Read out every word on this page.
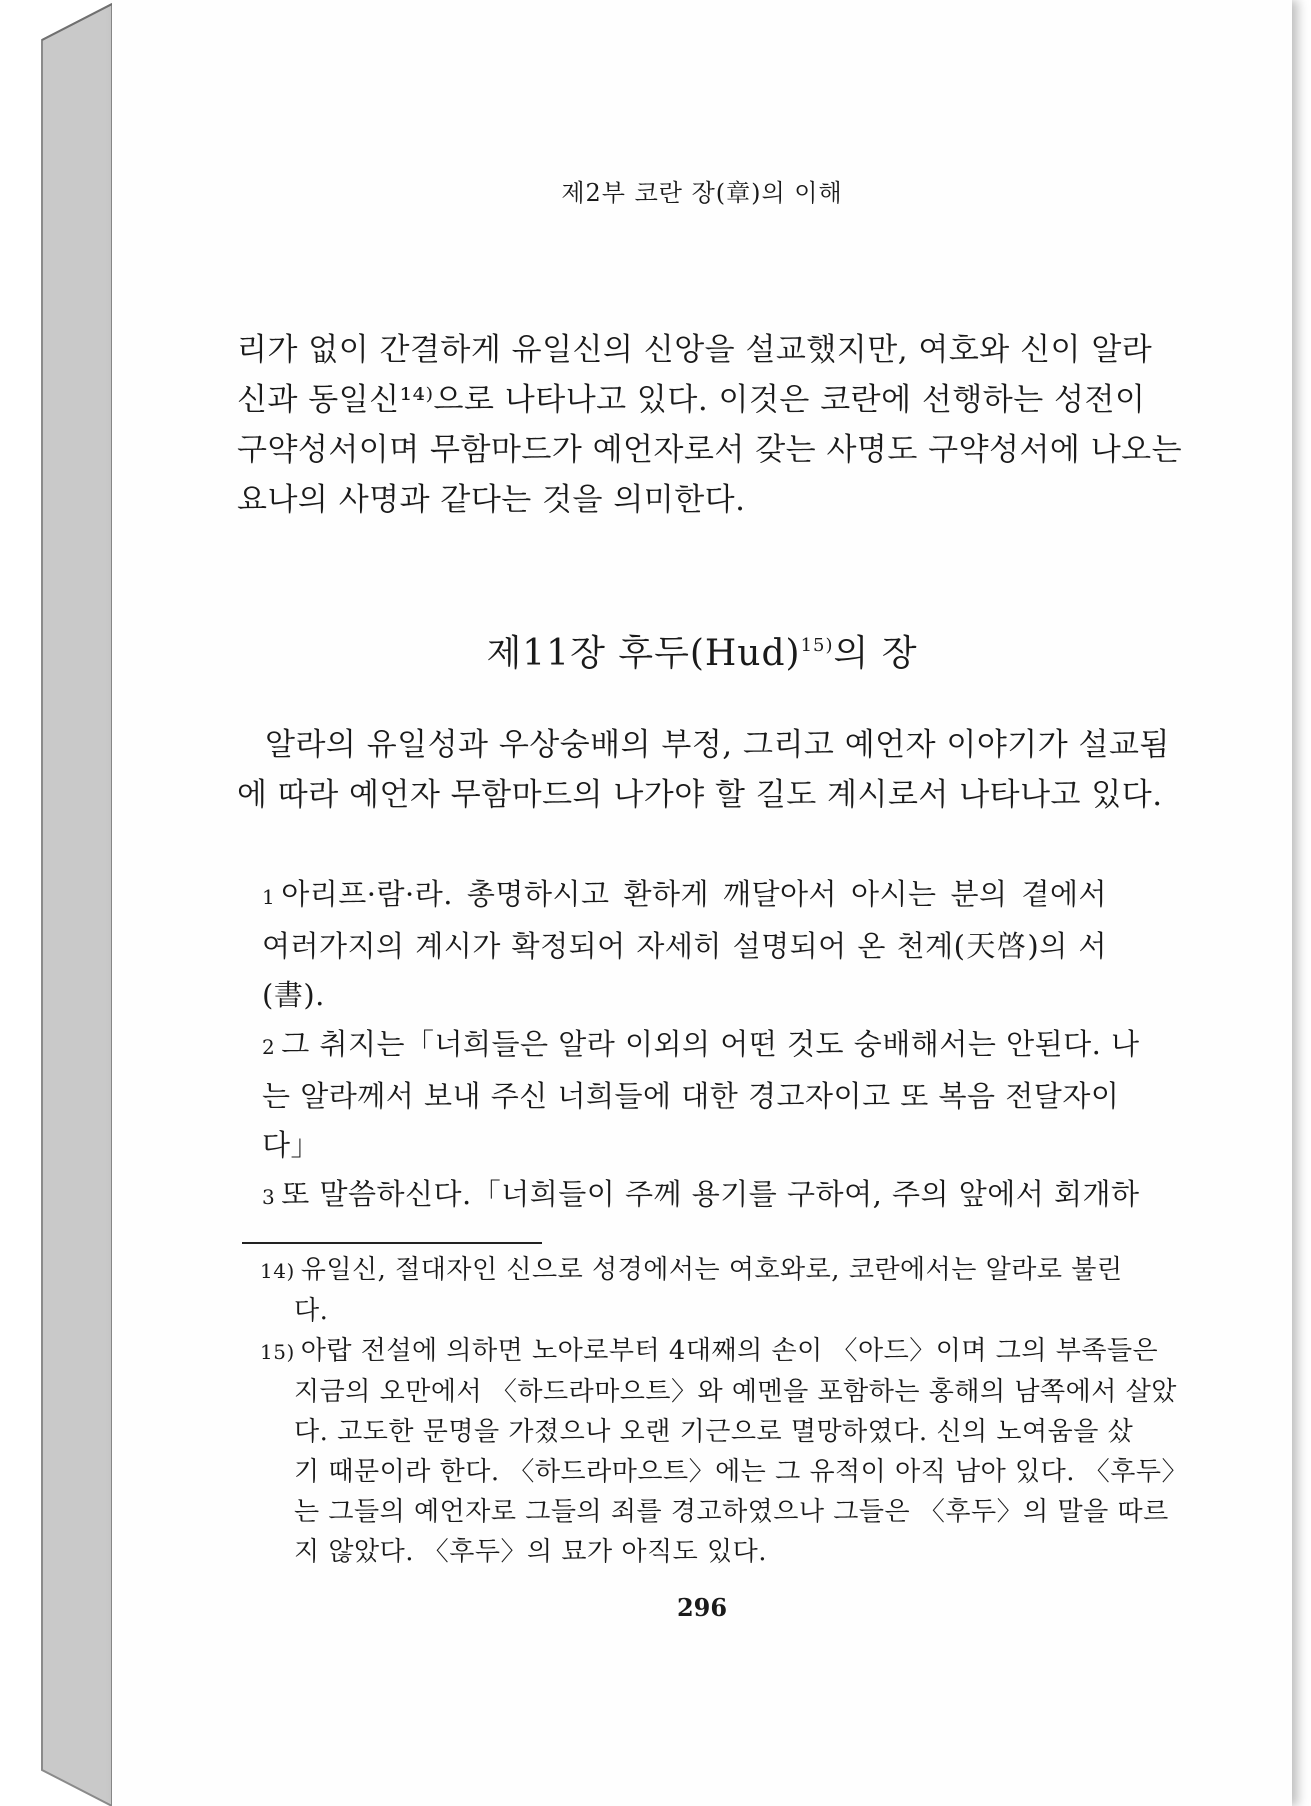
제2부 코란 장(章)의 이해
리가 없이 간결하게 유일신의 신앙을 설교했지만, 여호와 신이 알라
신과 동일신¹⁴⁾으로 나타나고 있다. 이것은 코란에 선행하는 성전이
구약성서이며 무함마드가 예언자로서 갖는 사명도 구약성서에 나오는
요나의 사명과 같다는 것을 의미한다.
제11장 후두(Hud)$^{15)}$의 장
알라의 유일성과 우상숭배의 부정, 그리고 예언자 이야기가 설교됨
에 따라 예언자 무함마드의 나가야 할 길도 계시로서 나타나고 있다.
1 아리프·람·라. 총명하시고 환하게 깨달아서 아시는 분의 곁에서
여러가지의 계시가 확정되어 자세히 설명되어 온 천계(天啓)의 서
(書).
2 그 취지는「너희들은 알라 이외의 어떤 것도 숭배해서는 안된다. 나
는 알라께서 보내 주신 너희들에 대한 경고자이고 또 복음 전달자이
다」
3 또 말씀하신다.「너희들이 주께 용기를 구하여, 주의 앞에서 회개하
14) 유일신, 절대자인 신으로 성경에서는 여호와로, 코란에서는 알라로 불린
다.
15) 아랍 전설에 의하면 노아로부터 4대째의 손이 〈아드〉이며 그의 부족들은
지금의 오만에서 〈하드라마으트〉와 예멘을 포함하는 홍해의 남쪽에서 살았
다. 고도한 문명을 가졌으나 오랜 기근으로 멸망하였다. 신의 노여움을 샀
기 때문이라 한다. 〈하드라마으트〉에는 그 유적이 아직 남아 있다. 〈후두〉
는 그들의 예언자로 그들의 죄를 경고하였으나 그들은 〈후두〉의 말을 따르
지 않았다. 〈후두〉의 묘가 아직도 있다.
296
